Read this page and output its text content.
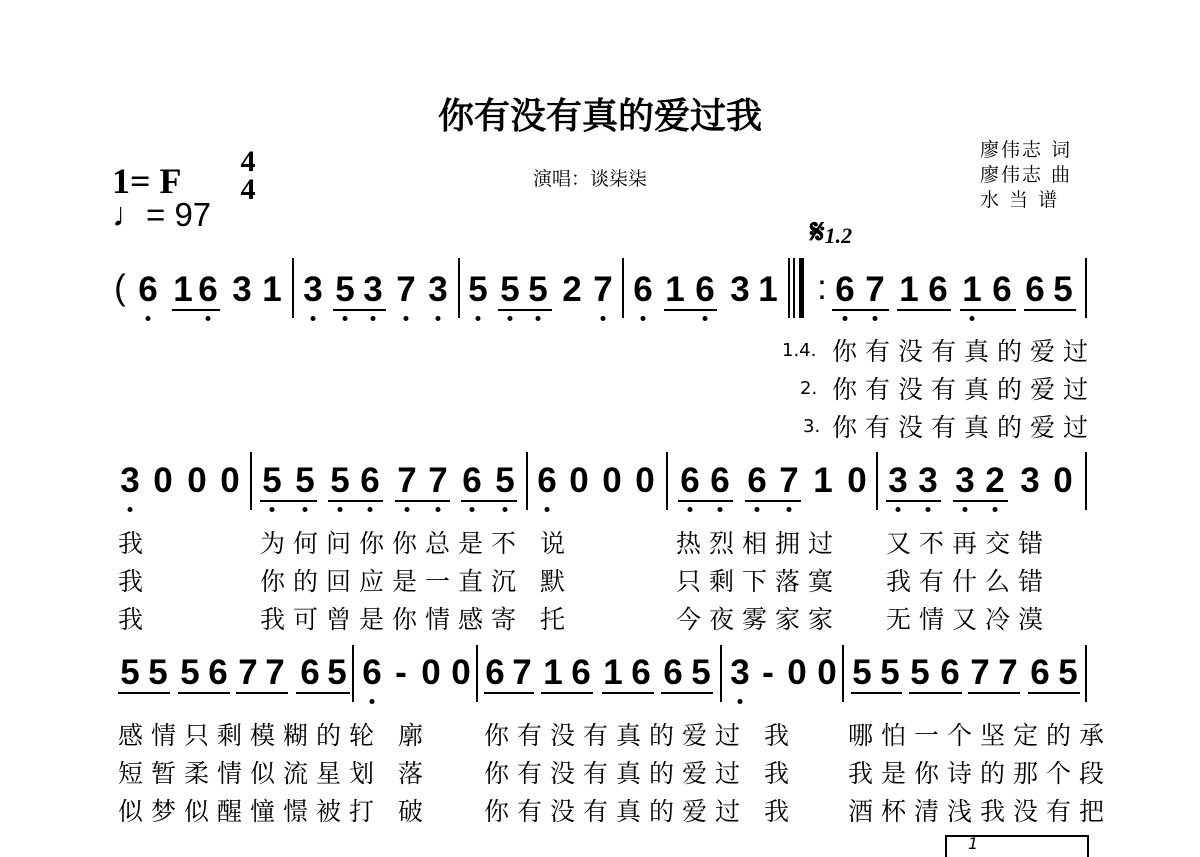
你有没有真的爱过我
演唱：谈柒柒
廖伟志 词
廖伟志 曲
水 当 谱
1= F 4
4
♩= 97	𝄋1.2
6 1 6 3 1 3 5 3 7 3 5 5 5 2 7 6 1 6 3 1 6 7 1 6 1 6 6 5
(	:
3 0 0 0 5 5 5 6 7 7 6 5 6 0 0 0 6 6 6 7 1 0 3 3 3 2 3 0
我	为何问你你总是不 说	热烈相拥过 又不再交错
我	你的回应是一直沉 默	只剩下落寞 我有什么错
我	我可曾是你情感寄 托	今夜雾家家 无情又冷漠
5 5 5 6 7 7 6 5 6 - 0 0 6 7 1 6 1 6 6 5 3 - 0 0 5 5 5 6 7 7 6 5
感情只剩模糊的轮 廓 你有没有真的爱过 我 哪怕一个坚定的承
短暂柔情似流星划 落 你有没有真的爱过 我 我是你诗的那个段
似梦似醒憧憬被打 破 你有没有真的爱过 我 酒杯清浅我没有把
1.4. 你有没有真的爱过
2. 你有没有真的爱过
3. 你有没有真的爱过
1
